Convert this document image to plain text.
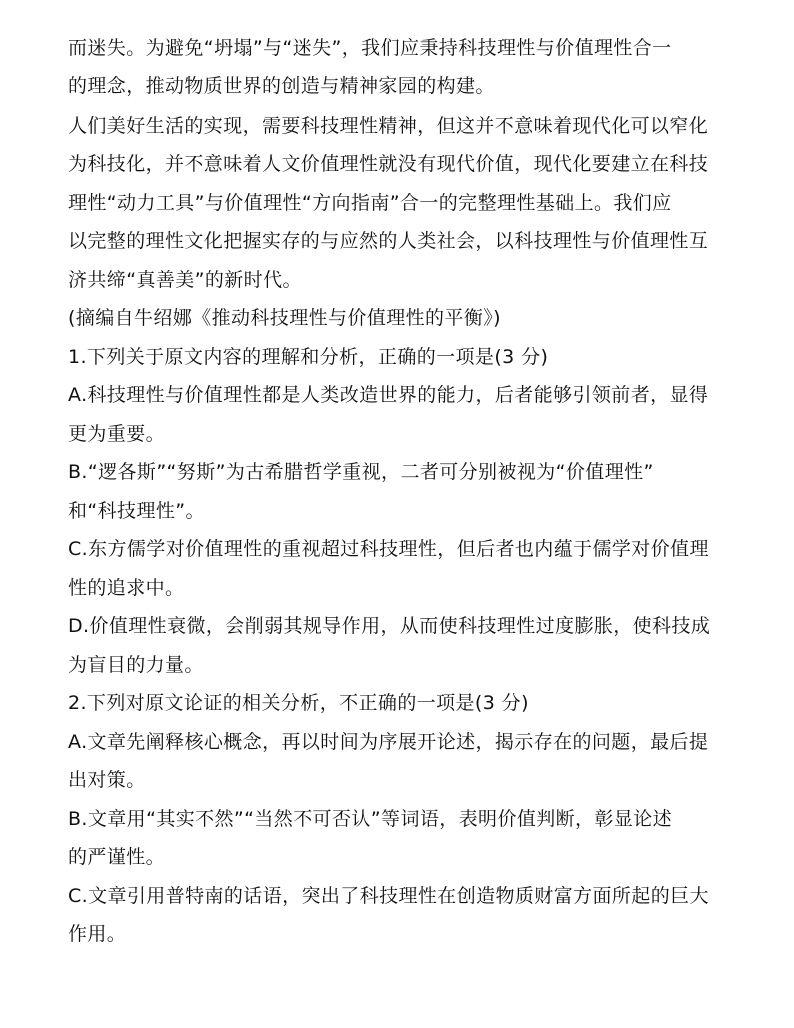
而迷失。为避免“坍塌”与“迷失”，我们应秉持科技理性与价值理性合一
的理念，推动物质世界的创造与精神家园的构建。
人们美好生活的实现，需要科技理性精神，但这并不意味着现代化可以窄化
为科技化，并不意味着人文价值理性就没有现代价值，现代化要建立在科技
理性“动力工具”与价值理性“方向指南”合一的完整理性基础上。我们应
以完整的理性文化把握实存的与应然的人类社会，以科技理性与价值理性互
济共缔“真善美”的新时代。
(摘编自牛绍娜《推动科技理性与价值理性的平衡》)
1.下列关于原文内容的理解和分析，正确的一项是(3 分)
A.科技理性与价值理性都是人类改造世界的能力，后者能够引领前者，显得
更为重要。
B.“逻各斯”“努斯”为古希腊哲学重视，二者可分别被视为“价值理性”
和“科技理性”。
C.东方儒学对价值理性的重视超过科技理性，但后者也内蕴于儒学对价值理
性的追求中。
D.价值理性衰微，会削弱其规导作用，从而使科技理性过度膨胀，使科技成
为盲目的力量。
2.下列对原文论证的相关分析，不正确的一项是(3 分)
A.文章先阐释核心概念，再以时间为序展开论述，揭示存在的问题，最后提
出对策。
B.文章用“其实不然”“当然不可否认”等词语，表明价值判断，彰显论述
的严谨性。
C.文章引用普特南的话语，突出了科技理性在创造物质财富方面所起的巨大
作用。
